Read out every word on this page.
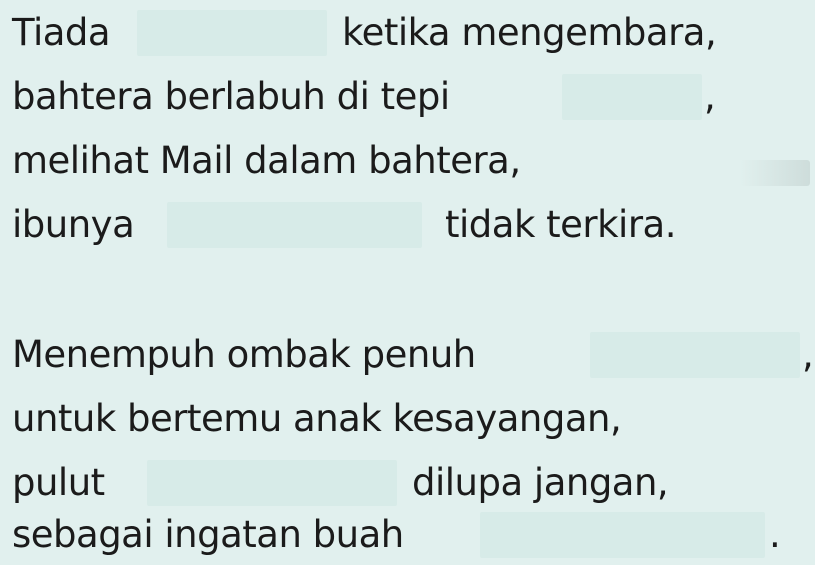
Tiada	ketika mengembara,
bahtera berlabuh di tepi	,
melihat Mail dalam bahtera,
ibunya	tidak terkira.
Menempuh ombak penuh	,
untuk bertemu anak kesayangan,
pulut	dilupa jangan,
sebagai ingatan buah	.
